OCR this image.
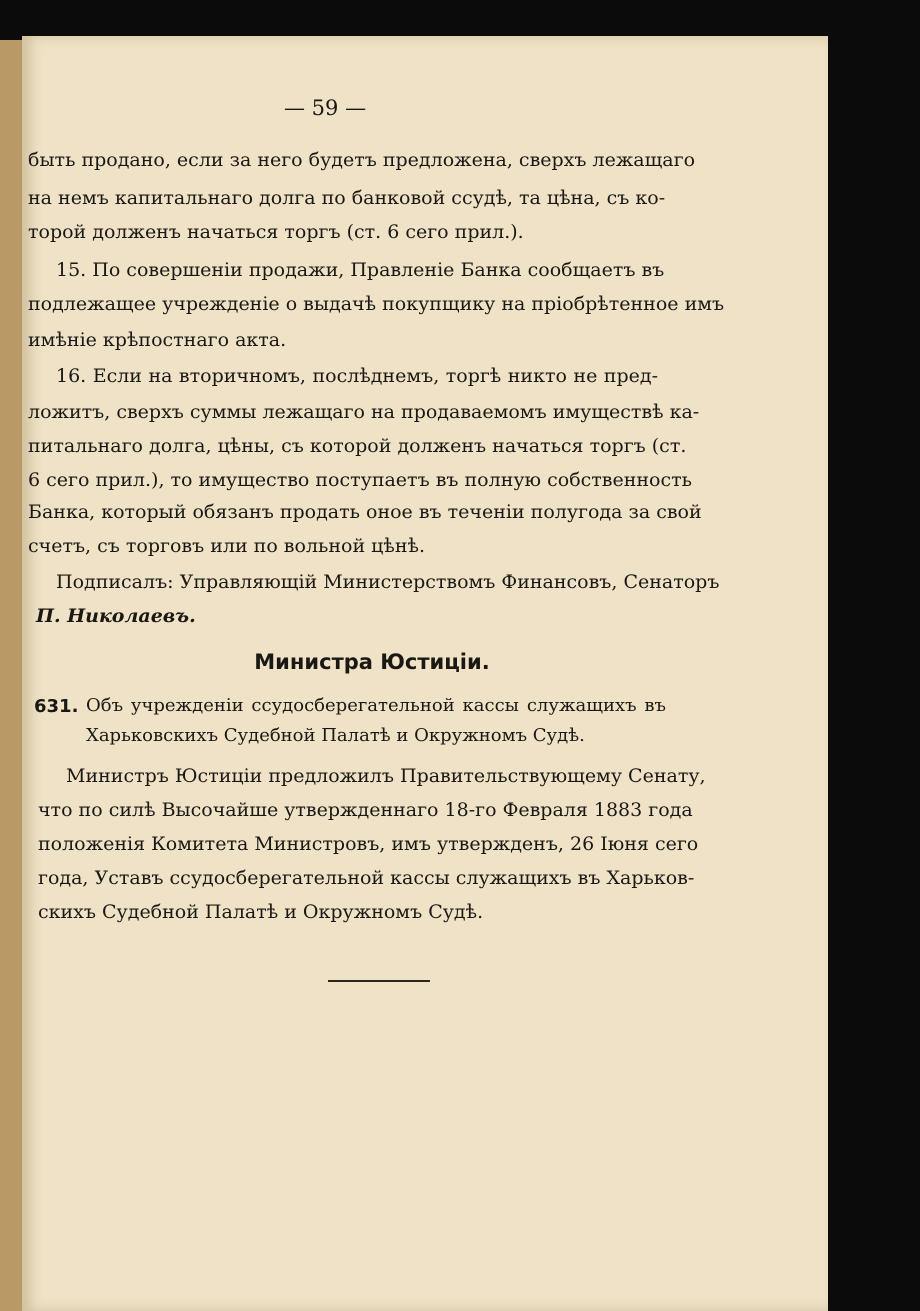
— 59 —
быть продано, если за него будетъ предложена, сверхъ лежащаго
на немъ капитальнаго долга по банковой ссудѣ, та цѣна, съ ко-
торой долженъ начаться торгъ (ст. 6 сего прил.).
15. По совершеніи продажи, Правленіе Банка сообщаетъ въ
подлежащее учрежденіе о выдачѣ покупщику на пріобрѣтенное имъ
имѣніе крѣпостнаго акта.
16. Если на вторичномъ, послѣднемъ, торгѣ никто не пред-
ложитъ, сверхъ суммы лежащаго на продаваемомъ имуществѣ ка-
питальнаго долга, цѣны, съ которой долженъ начаться торгъ (ст.
6 сего прил.), то имущество поступаетъ въ полную собственность
Банка, который обязанъ продать оное въ теченіи полугода за свой
счетъ, съ торговъ или по вольной цѣнѣ.
Подписалъ: Управляющій Министерствомъ Финансовъ, Сенаторъ
П. Николаевъ.
Министра Юстиціи.
631. Объ учрежденіи ссудосберегательной кассы служащихъ въ
Харьковскихъ Судебной Палатѣ и Окружномъ Судѣ.
Министръ Юстиціи предложилъ Правительствующему Сенату,
что по силѣ Высочайше утвержденнаго 18-го Февраля 1883 года
положенія Комитета Министровъ, имъ утвержденъ, 26 Іюня сего
года, Уставъ ссудосберегательной кассы служащихъ въ Харьков-
скихъ Судебной Палатѣ и Окружномъ Судѣ.
